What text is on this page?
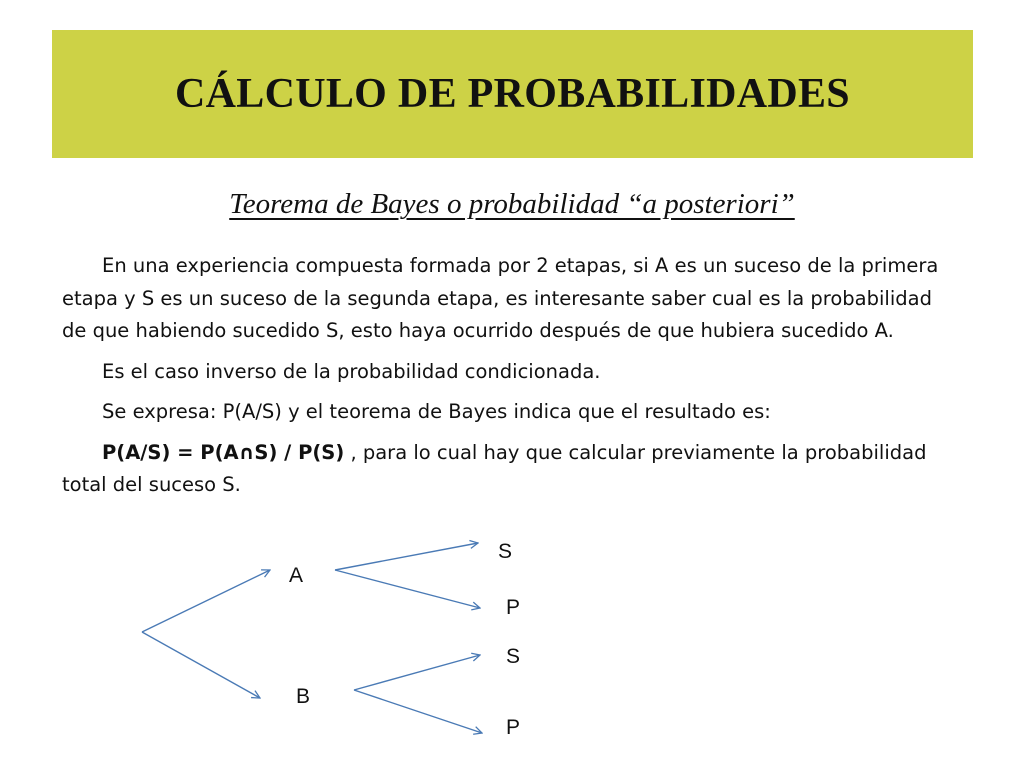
CÁLCULO DE PROBABILIDADES
Teorema de Bayes o probabilidad “a posteriori”

En una experiencia compuesta formada por 2 etapas, si A es un suceso de la primera etapa y S es un suceso de la segunda etapa, es interesante saber cual es la probabilidad de que habiendo sucedido S, esto haya ocurrido después de que hubiera sucedido A.

Es el caso inverso de la probabilidad condicionada.

Se expresa: P(A/S) y el teorema de Bayes indica que el resultado es:

P(A/S) = P(A∩S) / P(S) , para lo cual hay que calcular previamente la probabilidad total del suceso S.

A
B
S
P
S
P
